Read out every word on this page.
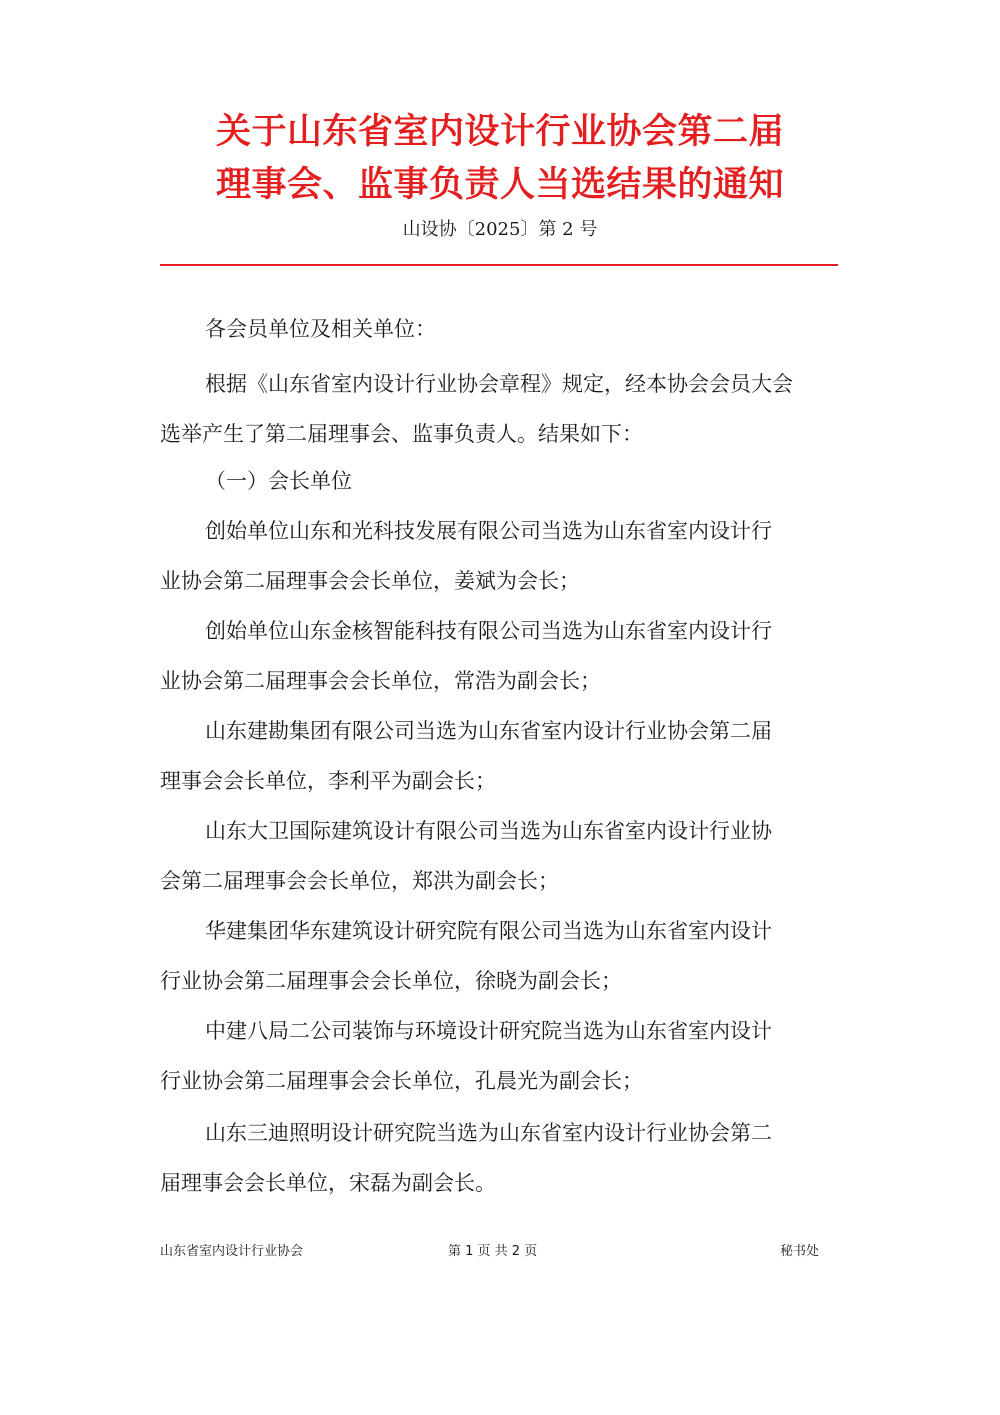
关于山东省室内设计行业协会第二届
理事会、监事负责人当选结果的通知
山设协〔2025〕第 2 号
各会员单位及相关单位：
根据《山东省室内设计行业协会章程》规定，经本协会会员大会
选举产生了第二届理事会、监事负责人。结果如下：
（一）会长单位
创始单位山东和光科技发展有限公司当选为山东省室内设计行
业协会第二届理事会会长单位，姜斌为会长；
创始单位山东金核智能科技有限公司当选为山东省室内设计行
业协会第二届理事会会长单位，常浩为副会长；
山东建勘集团有限公司当选为山东省室内设计行业协会第二届
理事会会长单位，李利平为副会长；
山东大卫国际建筑设计有限公司当选为山东省室内设计行业协
会第二届理事会会长单位，郑洪为副会长；
华建集团华东建筑设计研究院有限公司当选为山东省室内设计
行业协会第二届理事会会长单位，徐晓为副会长；
中建八局二公司装饰与环境设计研究院当选为山东省室内设计
行业协会第二届理事会会长单位，孔晨光为副会长；
山东三迪照明设计研究院当选为山东省室内设计行业协会第二
届理事会会长单位，宋磊为副会长。
山东省室内设计行业协会	第 1 页 共 2 页	秘书处
